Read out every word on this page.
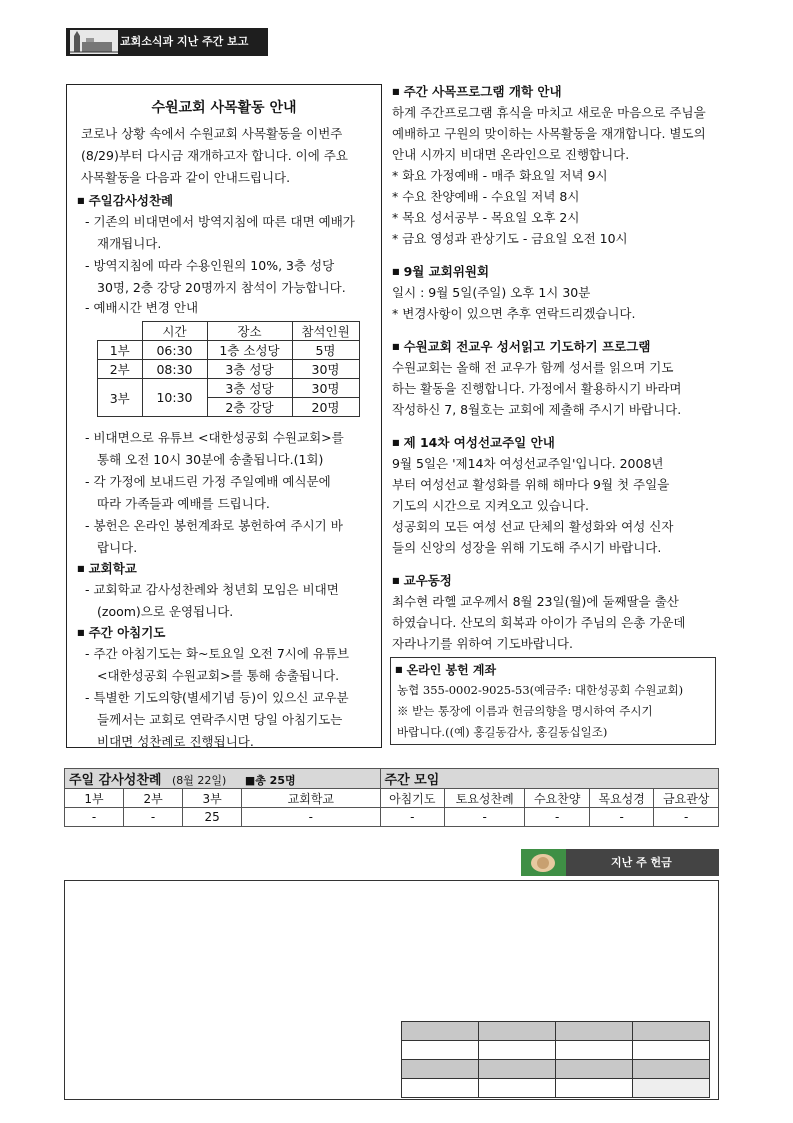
교회소식과 지난 주간 보고
수원교회 사목활동 안내
코로나 상황 속에서 수원교회 사목활동을 이번주
(8/29)부터 다시금 재개하고자 합니다. 이에 주요
사목활동을 다음과 같이 안내드립니다.
■ 주일감사성찬례
- 기존의 비대면에서 방역지침에 따른 대면 예배가
재개됩니다.
- 방역지침에 따라 수용인원의 10%, 3층 성당
30명, 2층 강당 20명까지 참석이 가능합니다.
- 예배시간 변경 안내
	시간	장소	참석인원
1부	06:30	1층 소성당	5명
2부	08:30	3층 성당	30명
3부	10:30	3층 성당	30명
		2층 강당	20명
- 비대면으로 유튜브 <대한성공회 수원교회>를
통해 오전 10시 30분에 송출됩니다.(1회)
- 각 가정에 보내드린 가정 주일예배 예식문에
따라 가족들과 예배를 드립니다.
- 봉헌은 온라인 봉헌계좌로 봉헌하여 주시기 바
랍니다.
■ 교회학교
- 교회학교 감사성찬례와 청년회 모임은 비대면
(zoom)으로 운영됩니다.
■ 주간 아침기도
- 주간 아침기도는 화~토요일 오전 7시에 유튜브
<대한성공회 수원교회>를 통해 송출됩니다.
- 특별한 기도의향(별세기념 등)이 있으신 교우분
들께서는 교회로 연락주시면 당일 아침기도는
비대면 성찬례로 진행됩니다.
■ 주간 사목프로그램 개학 안내
하계 주간프로그램 휴식을 마치고 새로운 마음으로 주님을
예배하고 구원의 맞이하는 사목활동을 재개합니다. 별도의
안내 시까지 비대면 온라인으로 진행합니다.
* 화요 가정예배 - 매주 화요일 저녁 9시
* 수요 찬양예배 - 수요일 저녁 8시
* 목요 성서공부 - 목요일 오후 2시
* 금요 영성과 관상기도 - 금요일 오전 10시
■ 9월 교회위원회
일시 : 9월 5일(주일) 오후 1시 30분
* 변경사항이 있으면 추후 연락드리겠습니다.
■ 수원교회 전교우 성서읽고 기도하기 프로그램
수원교회는 올해 전 교우가 함께 성서를 읽으며 기도
하는 활동을 진행합니다. 가정에서 활용하시기 바라며
작성하신 7, 8월호는 교회에 제출해 주시기 바랍니다.
■ 제 14차 여성선교주일 안내
9월 5일은 '제14차 여성선교주일'입니다. 2008년
부터 여성선교 활성화를 위해 해마다 9월 첫 주일을
기도의 시간으로 지켜오고 있습니다.
성공회의 모든 여성 선교 단체의 활성화와 여성 신자
들의 신앙의 성장을 위해 기도해 주시기 바랍니다.
■ 교우동정
최수현 라헬 교우께서 8월 23일(월)에 둘째딸을 출산
하였습니다. 산모의 회복과 아이가 주님의 은총 가운데
자라나기를 위하여 기도바랍니다.
■ 온라인 봉헌 계좌
농협 355-0002-9025-53(예금주: 대한성공회 수원교회)
※ 받는 통장에 이름과 헌금의향을 명시하여 주시기
바랍니다.((예) 홍길동감사, 홍길동십일조)
주일 감사성찬례 (8월 22일) ■총 25명				주간 모임				
1부	2부	3부	교회학교	아침기도	토요성찬례	수요찬양	목요성경	금요관상
-	-	25	-	-	-	-	-	-
지난 주 헌금
